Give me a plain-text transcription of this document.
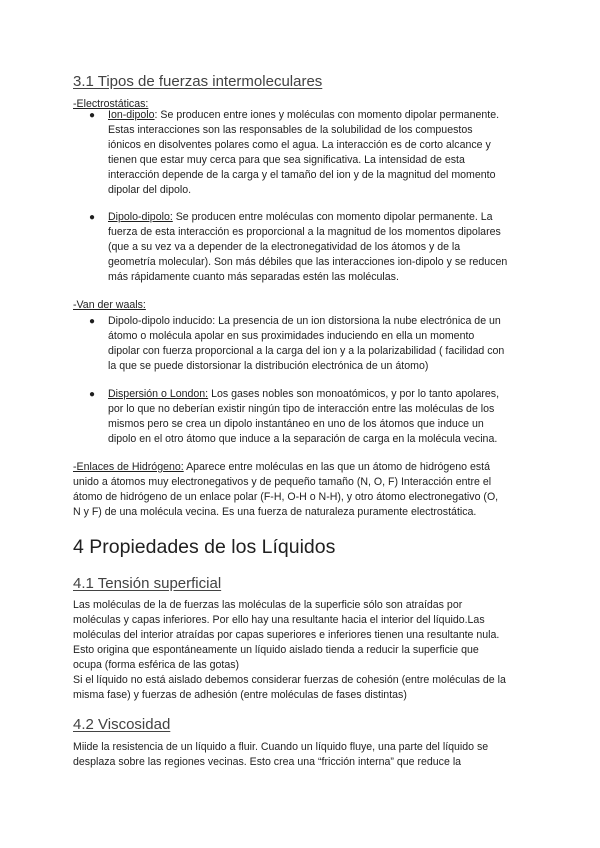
3.1 Tipos de fuerzas intermoleculares
-Electrostáticas:
● Ion-dipolo: Se producen entre iones y moléculas con momento dipolar permanente.
Estas interacciones son las responsables de la solubilidad de los compuestos
iónicos en disolventes polares como el agua. La interacción es de corto alcance y
tienen que estar muy cerca para que sea significativa. La intensidad de esta
interacción depende de la carga y el tamaño del ion y de la magnitud del momento
dipolar del dipolo.
● Dipolo-dipolo: Se producen entre moléculas con momento dipolar permanente. La
fuerza de esta interacción es proporcional a la magnitud de los momentos dipolares
(que a su vez va a depender de la electronegatividad de los átomos y de la
geometría molecular). Son más débiles que las interacciones ion-dipolo y se reducen
más rápidamente cuanto más separadas estén las moléculas.
-Van der waals:
● Dipolo-dipolo inducido: La presencia de un ion distorsiona la nube electrónica de un
átomo o molécula apolar en sus proximidades induciendo en ella un momento
dipolar con fuerza proporcional a la carga del ion y a la polarizabilidad ( facilidad con
la que se puede distorsionar la distribución electrónica de un átomo)
● Dispersión o London: Los gases nobles son monoatómicos, y por lo tanto apolares,
por lo que no deberían existir ningún tipo de interacción entre las moléculas de los
mismos pero se crea un dipolo instantáneo en uno de los átomos que induce un
dipolo en el otro átomo que induce a la separación de carga en la molécula vecina.
-Enlaces de Hidrógeno: Aparece entre moléculas en las que un átomo de hidrógeno está
unido a átomos muy electronegativos y de pequeño tamaño (N, O, F) Interacción entre el
átomo de hidrógeno de un enlace polar (F-H, O-H o N-H), y otro átomo electronegativo (O,
N y F) de una molécula vecina. Es una fuerza de naturaleza puramente electrostática.
4 Propiedades de los Líquidos
4.1 Tensión superficial
Las moléculas de la de fuerzas las moléculas de la superficie sólo son atraídas por
moléculas y capas inferiores. Por ello hay una resultante hacia el interior del líquido.Las
moléculas del interior atraídas por capas superiores e inferiores tienen una resultante nula.
Esto origina que espontáneamente un líquido aislado tienda a reducir la superficie que
ocupa (forma esférica de las gotas)
Si el líquido no está aislado debemos considerar fuerzas de cohesión (entre moléculas de la
misma fase) y fuerzas de adhesión (entre moléculas de fases distintas)
4.2 Viscosidad
Miide la resistencia de un líquido a fluir. Cuando un líquido fluye, una parte del líquido se
desplaza sobre las regiones vecinas. Esto crea una “fricción interna” que reduce la
